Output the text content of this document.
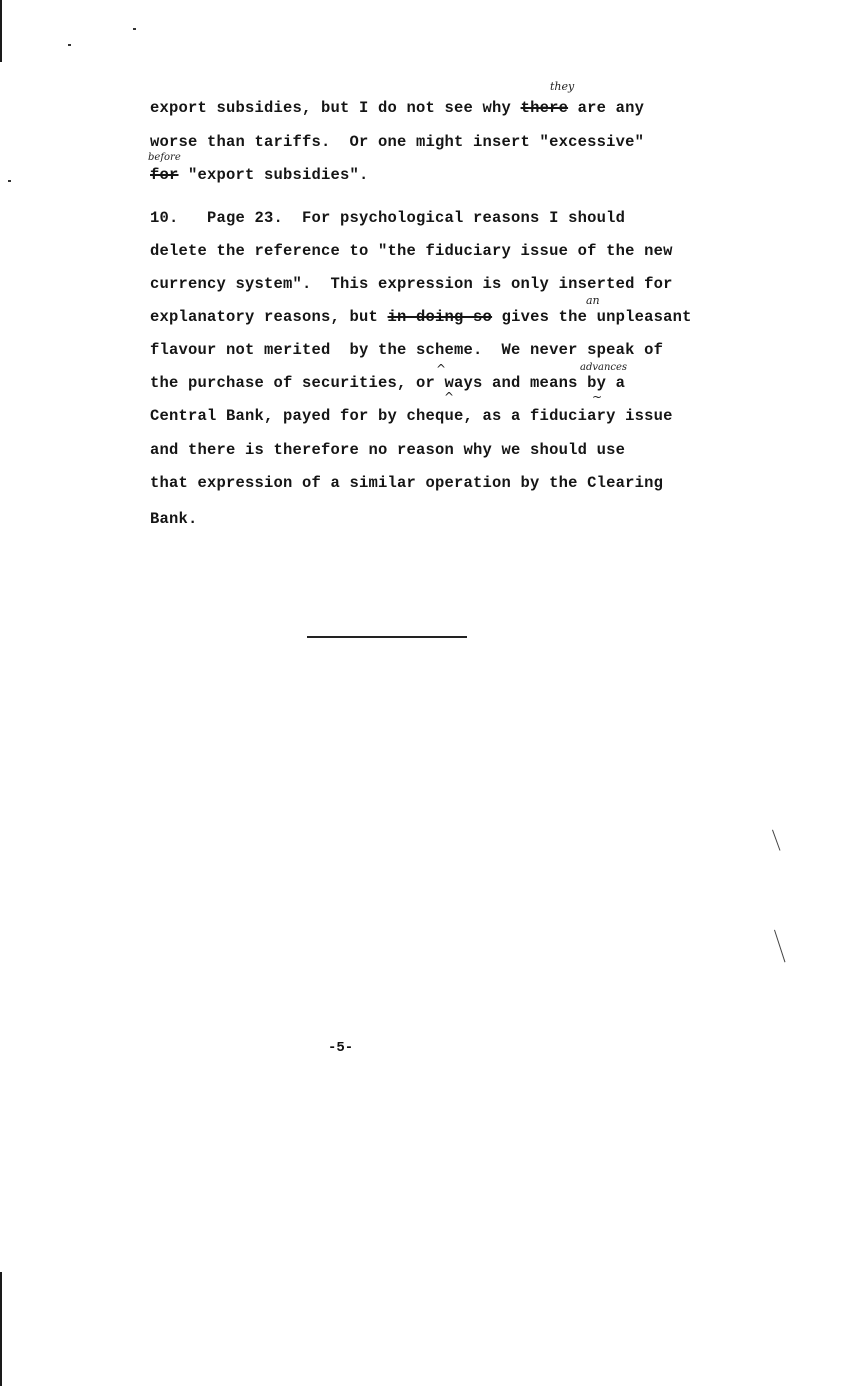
they
export subsidies, but I do not see why there are any
worse than tariffs.  Or one might insert "excessive"
before
for "export subsidies".
10.   Page 23.  For psychological reasons I should
delete the reference to "the fiduciary issue of the new
currency system".  This expression is only inserted for
an
explanatory reasons, but in doing so gives the unpleasant
flavour not merited  by the scheme.  We never speak of
^	advances
the purchase of securities, or ways and means by a
^	~
Central Bank, payed for by cheque, as a fiduciary issue
and there is therefore no reason why we should use
that expression of a similar operation by the Clearing
Bank.
-5-
